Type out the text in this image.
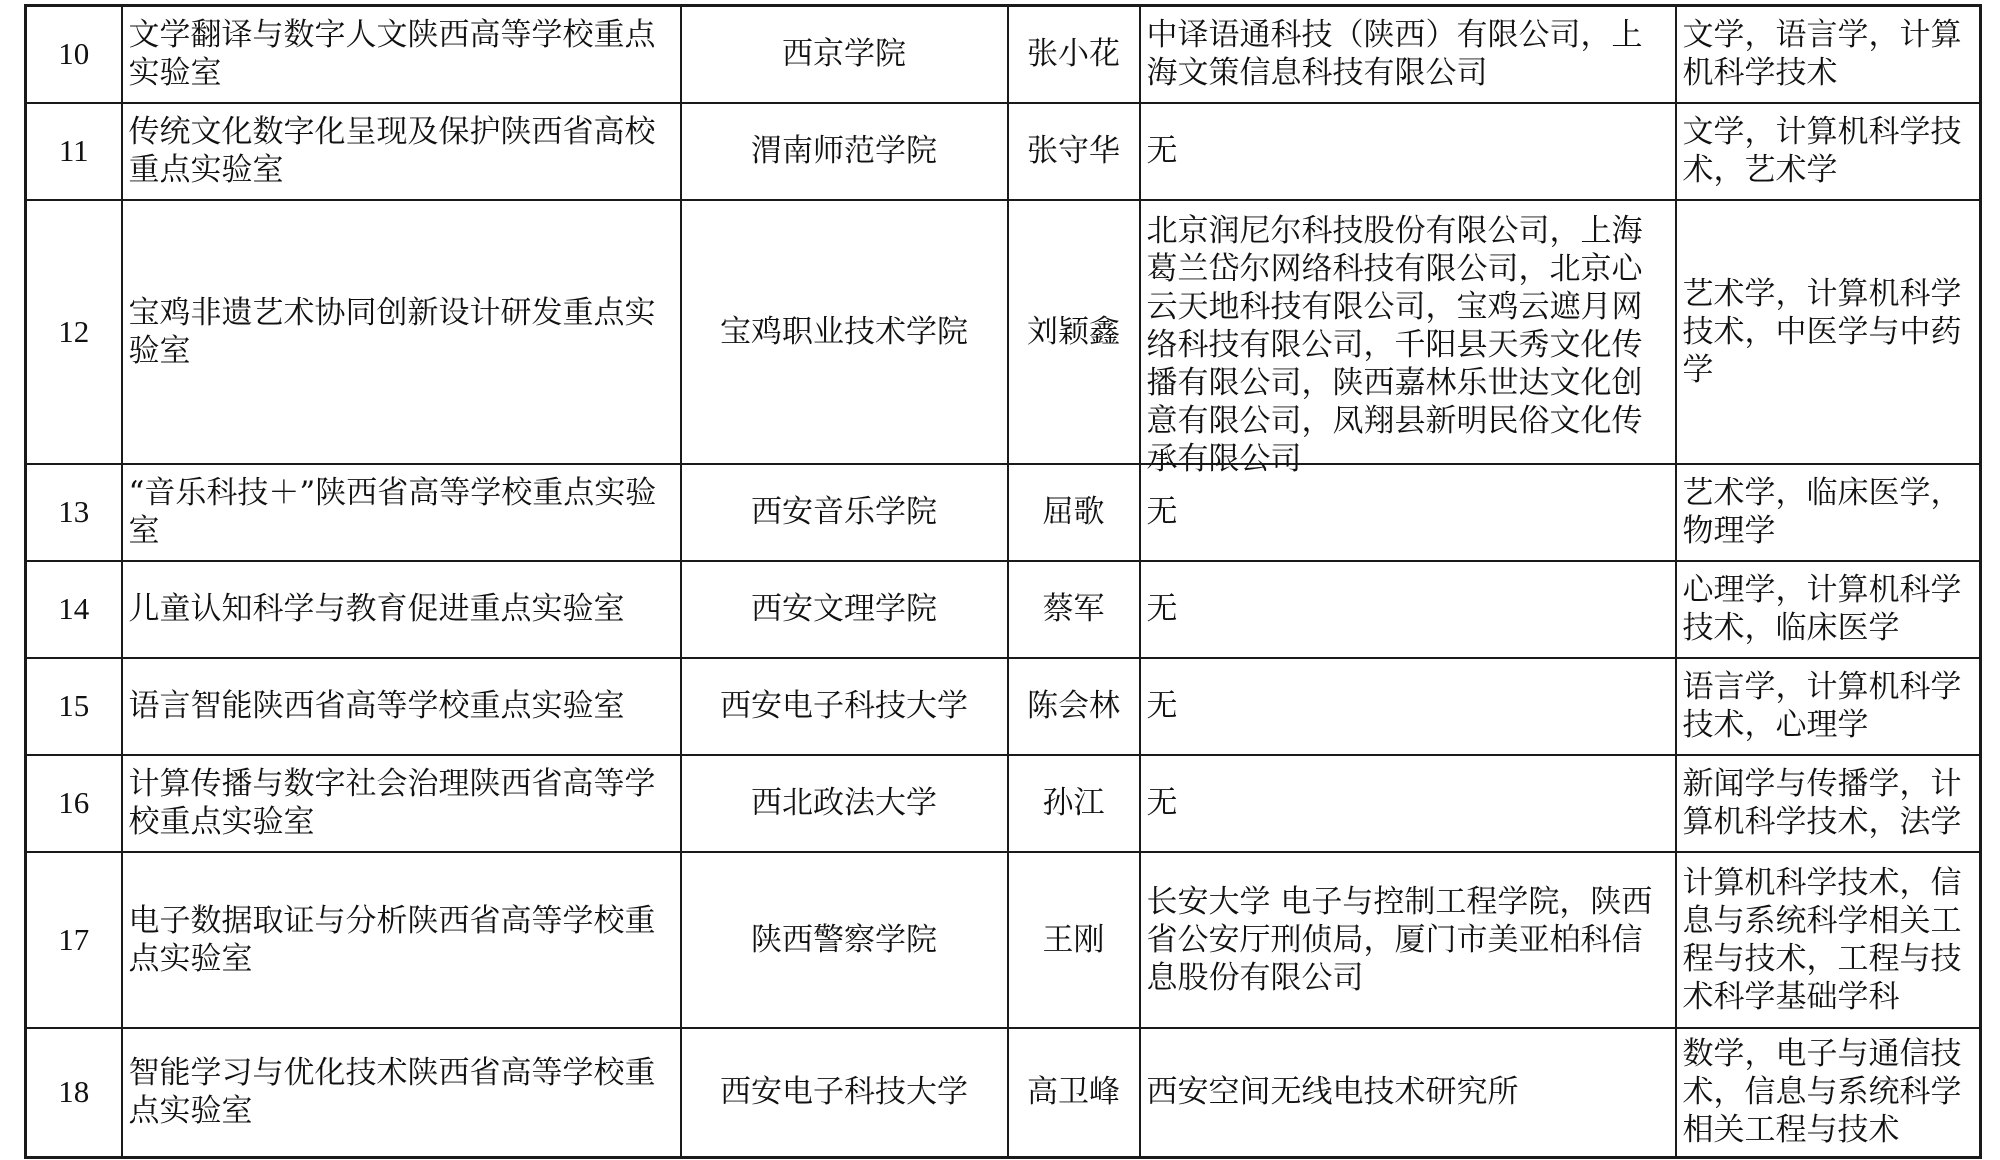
10	文学翻译与数字人文陕西高等学校重点实验室	西京学院	张小花	中译语通科技（陕西）有限公司，上海文策信息科技有限公司	文学，语言学，计算机科学技术
11	传统文化数字化呈现及保护陕西省高校重点实验室	渭南师范学院	张守华	无	文学，计算机科学技术，艺术学
12	宝鸡非遗艺术协同创新设计研发重点实验室	宝鸡职业技术学院	刘颖鑫	北京润尼尔科技股份有限公司，上海葛兰岱尔网络科技有限公司，北京心云天地科技有限公司，宝鸡云遮月网络科技有限公司，千阳县天秀文化传播有限公司，陕西嘉林乐世达文化创意有限公司，凤翔县新明民俗文化传承有限公司	艺术学，计算机科学技术，中医学与中药学
13	“音乐科技＋”陕西省高等学校重点实验室	西安音乐学院	屈歌	无	艺术学，临床医学，物理学
14	儿童认知科学与教育促进重点实验室	西安文理学院	蔡军	无	心理学，计算机科学技术，临床医学
15	语言智能陕西省高等学校重点实验室	西安电子科技大学	陈会林	无	语言学，计算机科学技术，心理学
16	计算传播与数字社会治理陕西省高等学校重点实验室	西北政法大学	孙江	无	新闻学与传播学，计算机科学技术，法学
17	电子数据取证与分析陕西省高等学校重点实验室	陕西警察学院	王刚	长安大学 电子与控制工程学院，陕西省公安厅刑侦局，厦门市美亚柏科信息股份有限公司	计算机科学技术，信息与系统科学相关工程与技术，工程与技术科学基础学科
18	智能学习与优化技术陕西省高等学校重点实验室	西安电子科技大学	高卫峰	西安空间无线电技术研究所	数学，电子与通信技术，信息与系统科学相关工程与技术
